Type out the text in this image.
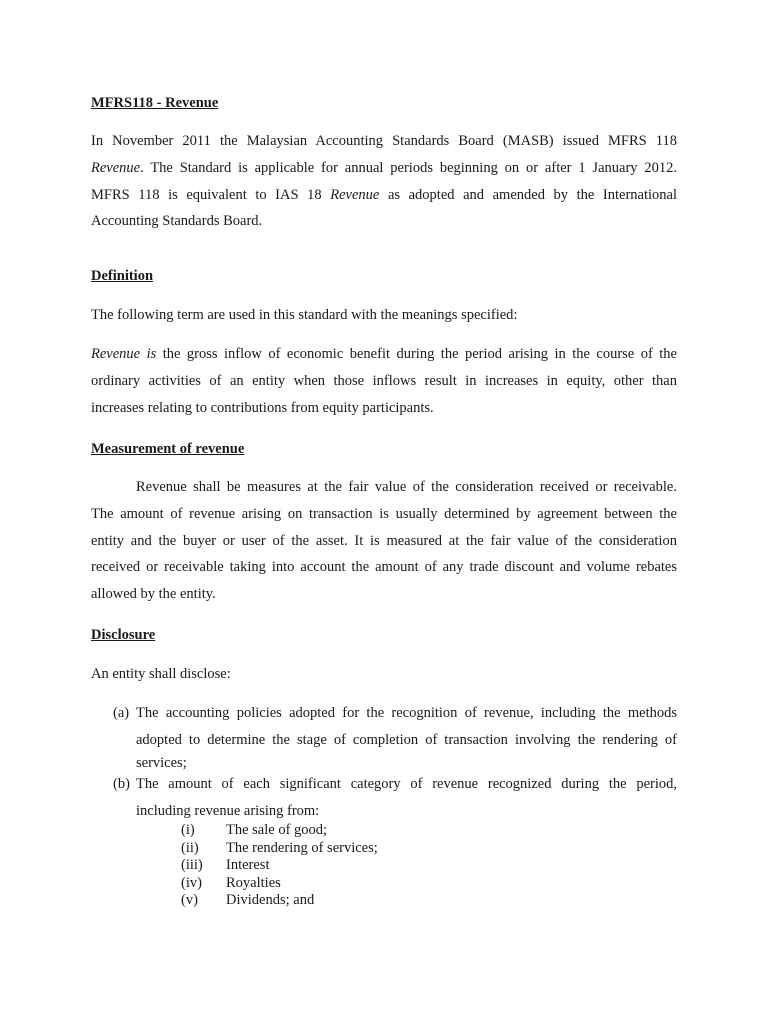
MFRS118 - Revenue
In November 2011 the Malaysian Accounting Standards Board (MASB) issued MFRS 118
Revenue. The Standard is applicable for annual periods beginning on or after 1 January 2012.
MFRS 118 is equivalent to IAS 18 Revenue as adopted and amended by the International
Accounting Standards Board.
Definition
The following term are used in this standard with the meanings specified:
Revenue is the gross inflow of economic benefit during the period arising in the course of the
ordinary activities of an entity when those inflows result in increases in equity, other than
increases relating to contributions from equity participants.
Measurement of revenue
Revenue shall be measures at the fair value of the consideration received or receivable.
The amount of revenue arising on transaction is usually determined by agreement between the
entity and the buyer or user of the asset. It is measured at the fair value of the consideration
received or receivable taking into account the amount of any trade discount and volume rebates
allowed by the entity.
Disclosure
An entity shall disclose:
(a) The accounting policies adopted for the recognition of revenue, including the methods
adopted to determine the stage of completion of transaction involving the rendering of
services;
(b) The amount of each significant category of revenue recognized during the period,
including revenue arising from:
(i) The sale of good;
(ii) The rendering of services;
(iii) Interest
(iv) Royalties
(v) Dividends; and
